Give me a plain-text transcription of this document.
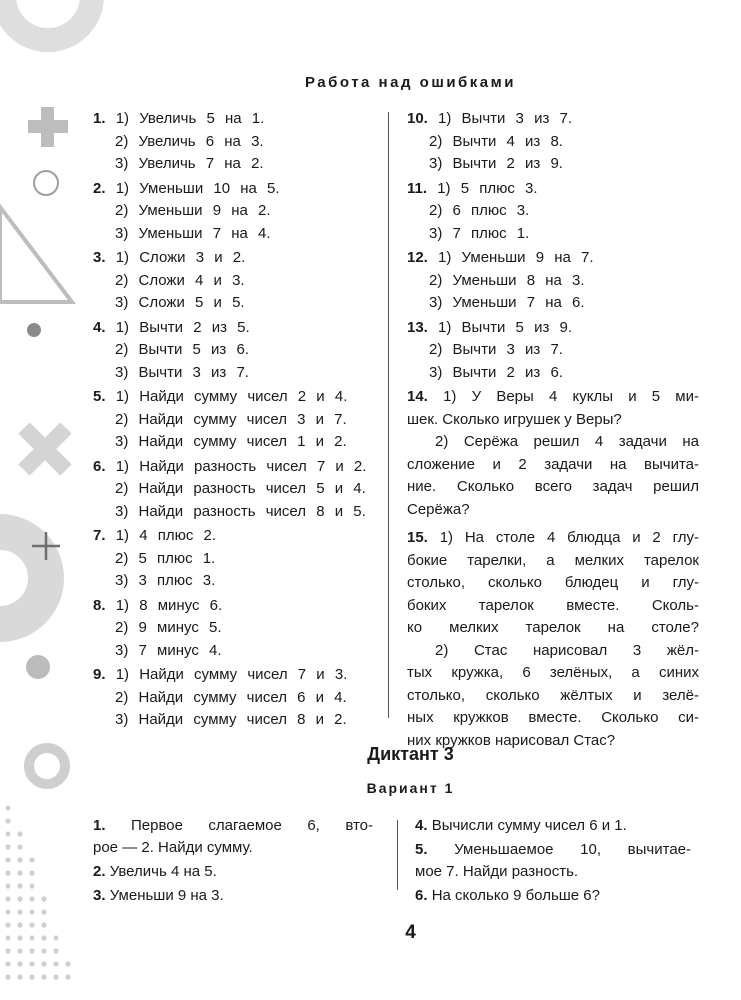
Работа над ошибками
1. 1) Увеличь 5 на 1.
2) Увеличь 6 на 3.
3) Увеличь 7 на 2.
2. 1) Уменьши 10 на 5.
2) Уменьши 9 на 2.
3) Уменьши 7 на 4.
3. 1) Сложи 3 и 2.
2) Сложи 4 и 3.
3) Сложи 5 и 5.
4. 1) Вычти 2 из 5.
2) Вычти 5 из 6.
3) Вычти 3 из 7.
5. 1) Найди сумму чисел 2 и 4.
2) Найди сумму чисел 3 и 7.
3) Найди сумму чисел 1 и 2.
6. 1) Найди разность чисел 7 и 2.
2) Найди разность чисел 5 и 4.
3) Найди разность чисел 8 и 5.
7. 1) 4 плюс 2.
2) 5 плюс 1.
3) 3 плюс 3.
8. 1) 8 минус 6.
2) 9 минус 5.
3) 7 минус 4.
9. 1) Найди сумму чисел 7 и 3.
2) Найди сумму чисел 6 и 4.
3) Найди сумму чисел 8 и 2.
10. 1) Вычти 3 из 7.
2) Вычти 4 из 8.
3) Вычти 2 из 9.
11. 1) 5 плюс 3.
2) 6 плюс 3.
3) 7 плюс 1.
12. 1) Уменьши 9 на 7.
2) Уменьши 8 на 3.
3) Уменьши 7 на 6.
13. 1) Вычти 5 из 9.
2) Вычти 3 из 7.
3) Вычти 2 из 6.
14. 1) У Веры 4 куклы и 5 ми-
шек. Сколько игрушек у Веры?
2) Серёжа решил 4 задачи на
сложение и 2 задачи на вычита-
ние. Сколько всего задач решил
Серёжа?
15. 1) На столе 4 блюдца и 2 глу-
бокие тарелки, а мелких тарелок
столько, сколько блюдец и глу-
боких тарелок вместе. Сколь-
ко мелких тарелок на столе?
2) Стас нарисовал 3 жёл-
тых кружка, 6 зелёных, а синих
столько, сколько жёлтых и зелё-
ных кружков вместе. Сколько си-
них кружков нарисовал Стас?
Диктант 3
Вариант 1
1. Первое слагаемое 6, вто-
рое — 2. Найди сумму.
2. Увеличь 4 на 5.
3. Уменьши 9 на 3.
4. Вычисли сумму чисел 6 и 1.
5. Уменьшаемое 10, вычитае-
мое 7. Найди разность.
6. На сколько 9 больше 6?
4
